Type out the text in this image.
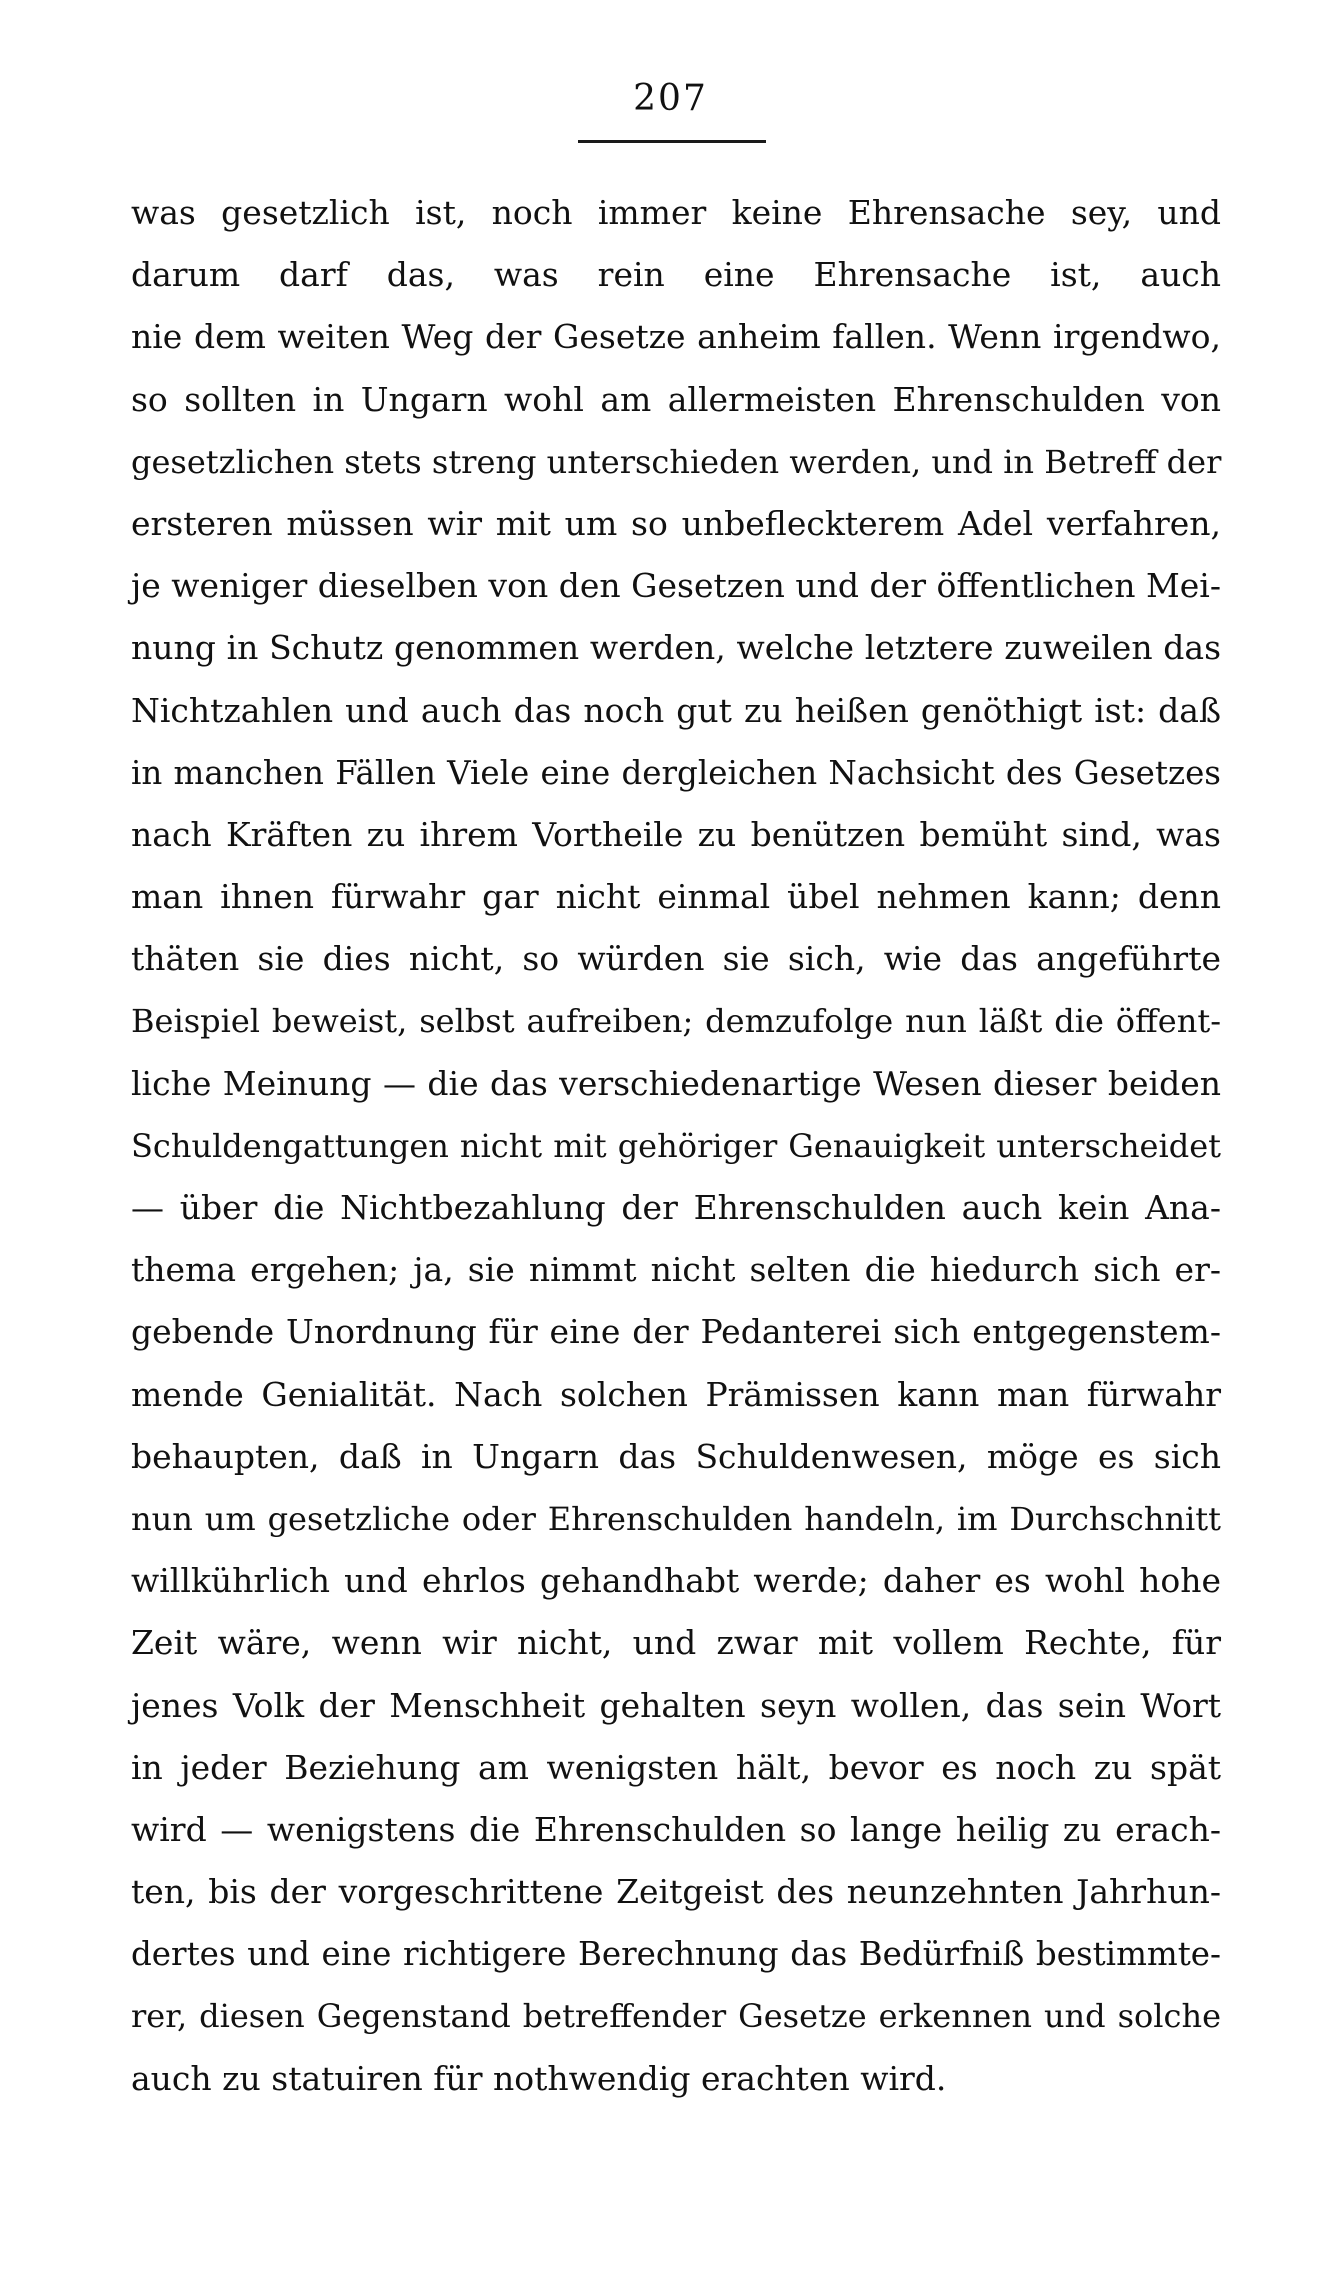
207
was gesetzlich ist, noch immer keine Ehrensache sey, und
darum darf das, was rein eine Ehrensache ist, auch
nie dem weiten Weg der Gesetze anheim fallen. Wenn irgendwo,
so sollten in Ungarn wohl am allermeisten Ehrenschulden von
gesetzlichen stets streng unterschieden werden, und in Betreff der
ersteren müssen wir mit um so unbefleckterem Adel verfahren,
je weniger dieselben von den Gesetzen und der öffentlichen Mei-
nung in Schutz genommen werden, welche letztere zuweilen das
Nichtzahlen und auch das noch gut zu heißen genöthigt ist: daß
in manchen Fällen Viele eine dergleichen Nachsicht des Gesetzes
nach Kräften zu ihrem Vortheile zu benützen bemüht sind, was
man ihnen fürwahr gar nicht einmal übel nehmen kann; denn
thäten sie dies nicht, so würden sie sich, wie das angeführte
Beispiel beweist, selbst aufreiben; demzufolge nun läßt die öffent-
liche Meinung — die das verschiedenartige Wesen dieser beiden
Schuldengattungen nicht mit gehöriger Genauigkeit unterscheidet
— über die Nichtbezahlung der Ehrenschulden auch kein Ana-
thema ergehen; ja, sie nimmt nicht selten die hiedurch sich er-
gebende Unordnung für eine der Pedanterei sich entgegenstem-
mende Genialität. Nach solchen Prämissen kann man fürwahr
behaupten, daß in Ungarn das Schuldenwesen, möge es sich
nun um gesetzliche oder Ehrenschulden handeln, im Durchschnitt
willkührlich und ehrlos gehandhabt werde; daher es wohl hohe
Zeit wäre, wenn wir nicht, und zwar mit vollem Rechte, für
jenes Volk der Menschheit gehalten seyn wollen, das sein Wort
in jeder Beziehung am wenigsten hält, bevor es noch zu spät
wird — wenigstens die Ehrenschulden so lange heilig zu erach-
ten, bis der vorgeschrittene Zeitgeist des neunzehnten Jahrhun-
dertes und eine richtigere Berechnung das Bedürfniß bestimmte-
rer, diesen Gegenstand betreffender Gesetze erkennen und solche
auch zu statuiren für nothwendig erachten wird.
